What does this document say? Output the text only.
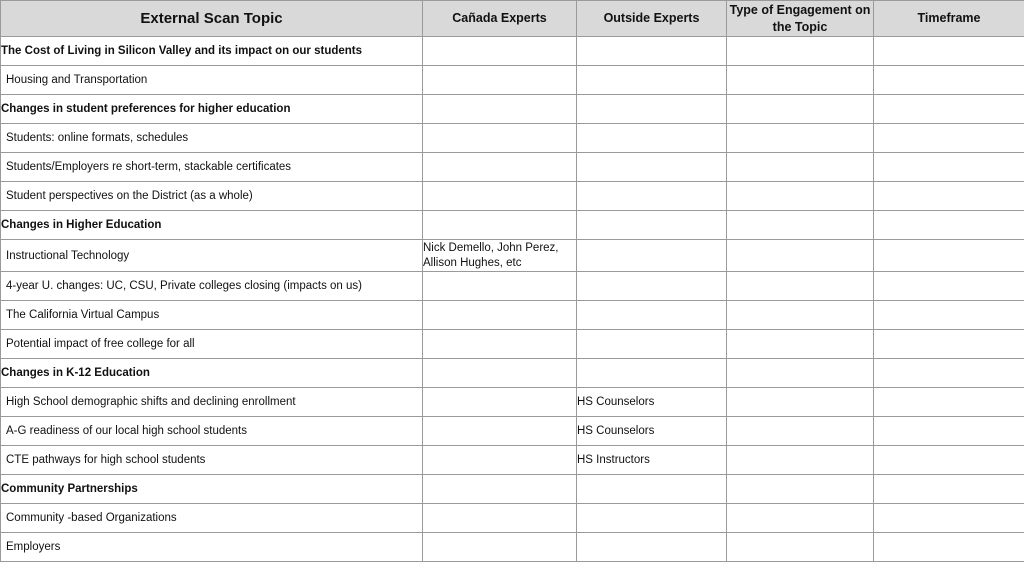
External Scan Topic	Cañada Experts	Outside Experts	Type of Engagement on the Topic	Timeframe
The Cost of Living in Silicon Valley and its impact on our students				
Housing and Transportation				
Changes in student preferences for higher education				
Students: online formats, schedules				
Students/Employers re short-term, stackable certificates				
Student perspectives on the District (as a whole)				
Changes in Higher Education				
Instructional Technology	Nick Demello, John Perez, Allison Hughes, etc			
4-year U. changes: UC, CSU, Private colleges closing (impacts on us)				
The California Virtual Campus				
Potential impact of free college for all				
Changes in K-12 Education				
High School demographic shifts and declining enrollment		HS Counselors		
A-G readiness of our local high school students		HS Counselors		
CTE pathways for high school students		HS Instructors		
Community Partnerships				
Community -based Organizations				
Employers				
